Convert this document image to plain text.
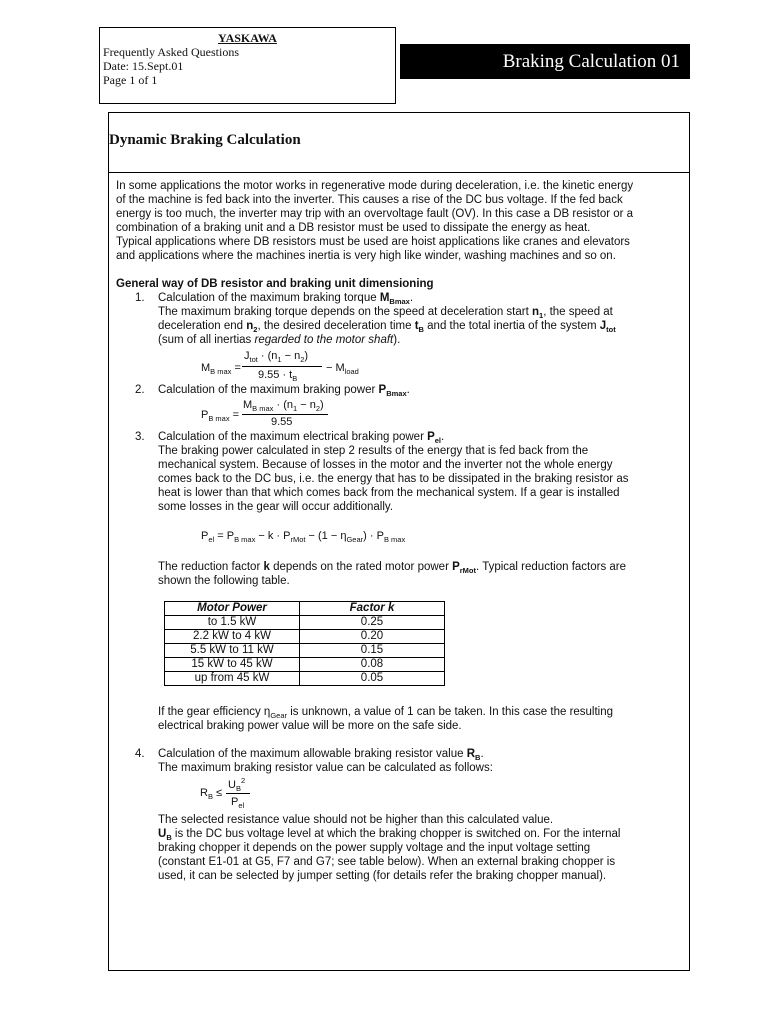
YASKAWA
Frequently Asked Questions
Date: 15.Sept.01
Page 1 of 1
Braking Calculation 01
Dynamic Braking Calculation
In some applications the motor works in regenerative mode during deceleration, i.e. the kinetic energy
of the machine is fed back into the inverter. This causes a rise of the DC bus voltage. If the fed back
energy is too much, the inverter may trip with an overvoltage fault (OV). In this case a DB resistor or a
combination of a braking unit and a DB resistor must be used to dissipate the energy as heat.
Typical applications where DB resistors must be used are hoist applications like cranes and elevators
and applications where the machines inertia is very high like winder, washing machines and so on.
General way of DB resistor and braking unit dimensioning
1. Calculation of the maximum braking torque $M_{Bmax}$.
The maximum braking torque depends on the speed at deceleration start $n_1$, the speed at
deceleration end $n_2$, the desired deceleration time $t_B$ and the total inertia of the system $J_{tot}$
(sum of all inertias regarded to the motor shaft).
$M_{B max}$ =
$J_{tot} \cdot (n_1 - n_2)$
$9.55 \cdot t_B$
− $M_{load}$
2. Calculation of the maximum braking power $P_{Bmax}$.
$P_{B max}$ =
$M_{B max} \cdot (n_1 - n_2)$
9.55
3. Calculation of the maximum electrical braking power $P_{el}$.
The braking power calculated in step 2 results of the energy that is fed back from the
mechanical system. Because of losses in the motor and the inverter not the whole energy
comes back to the DC bus, i.e. the energy that has to be dissipated in the braking resistor as
heat is lower than that which comes back from the mechanical system. If a gear is installed
some losses in the gear will occur additionally.
$P_{el} = P_{B max} - k \cdot P_{rMot} - (1 - \eta_{Gear}) \cdot P_{B max}$
The reduction factor k depends on the rated motor power $P_{rMot}$. Typical reduction factors are
shown the following table.
Motor Power	Factor k
to 1.5 kW	0.25
2.2 kW to 4 kW	0.20
5.5 kW to 11 kW	0.15
15 kW to 45 kW	0.08
up from 45 kW	0.05
If the gear efficiency $\eta_{Gear}$ is unknown, a value of 1 can be taken. In this case the resulting
electrical braking power value will be more on the safe side.
4. Calculation of the maximum allowable braking resistor value $R_B$.
The maximum braking resistor value can be calculated as follows:
$R_B$ ≤
$U_B^2$
$P_{el}$
The selected resistance value should not be higher than this calculated value.
$U_B$ is the DC bus voltage level at which the braking chopper is switched on. For the internal
braking chopper it depends on the power supply voltage and the input voltage setting
(constant E1-01 at G5, F7 and G7; see table below). When an external braking chopper is
used, it can be selected by jumper setting (for details refer the braking chopper manual).
